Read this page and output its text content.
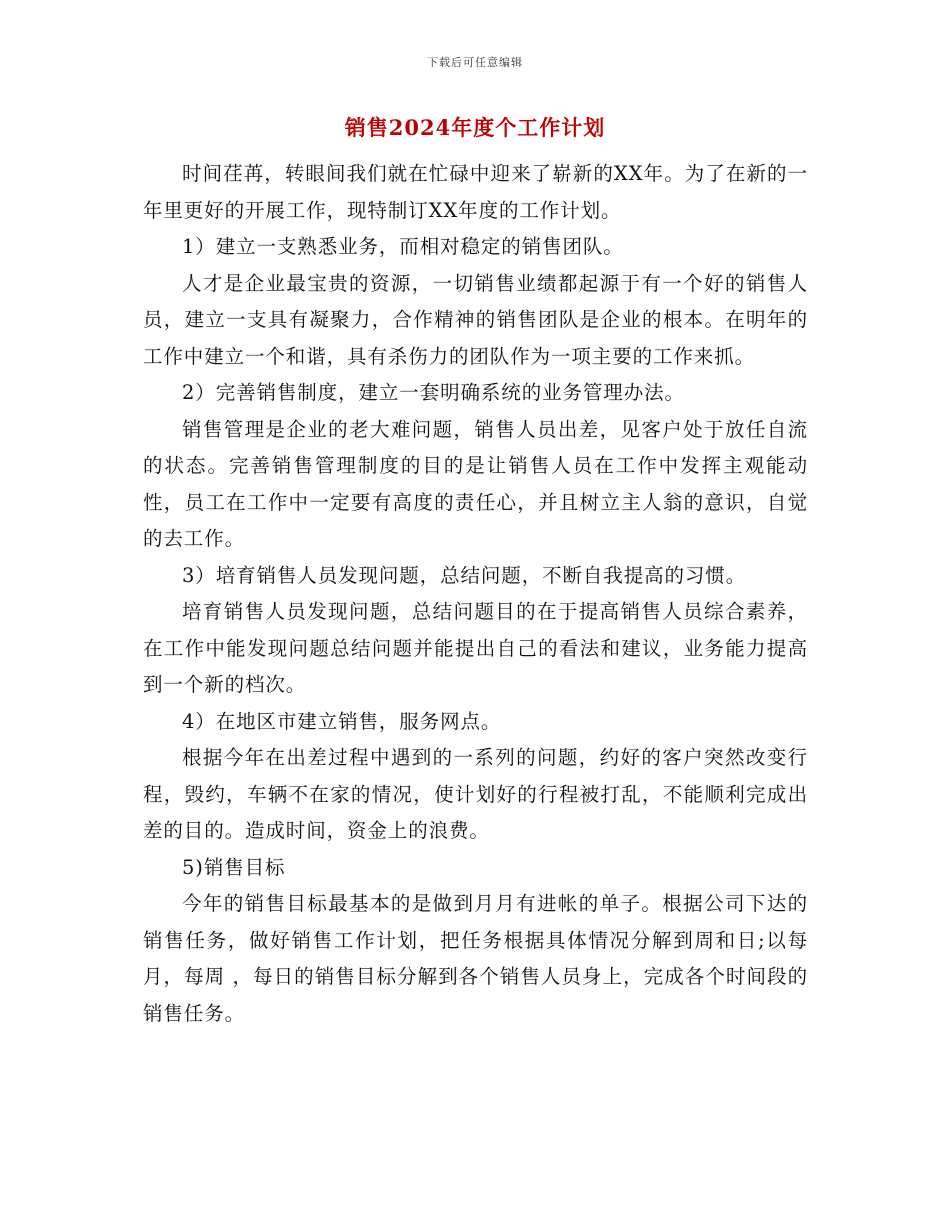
下载后可任意编辑
销售2024年度个工作计划

时间荏苒，转眼间我们就在忙碌中迎来了崭新的XX年。为了在新的一年里更好的开展工作，现特制订XX年度的工作计划。

1）建立一支熟悉业务，而相对稳定的销售团队。

人才是企业最宝贵的资源，一切销售业绩都起源于有一个好的销售人员，建立一支具有凝聚力，合作精神的销售团队是企业的根本。在明年的工作中建立一个和谐，具有杀伤力的团队作为一项主要的工作来抓。

2）完善销售制度，建立一套明确系统的业务管理办法。

销售管理是企业的老大难问题，销售人员出差，见客户处于放任自流的状态。完善销售管理制度的目的是让销售人员在工作中发挥主观能动性，员工在工作中一定要有高度的责任心，并且树立主人翁的意识，自觉的去工作。

3）培育销售人员发现问题，总结问题，不断自我提高的习惯。

培育销售人员发现问题，总结问题目的在于提高销售人员综合素养，在工作中能发现问题总结问题并能提出自己的看法和建议，业务能力提高到一个新的档次。

4）在地区市建立销售，服务网点。

根据今年在出差过程中遇到的一系列的问题，约好的客户突然改变行程，毁约，车辆不在家的情况，使计划好的行程被打乱，不能顺利完成出差的目的。造成时间，资金上的浪费。

5)销售目标

今年的销售目标最基本的是做到月月有进帐的单子。根据公司下达的销售任务，做好销售工作计划，把任务根据具体情况分解到周和日;以每月，每周 ，每日的销售目标分解到各个销售人员身上，完成各个时间段的销售任务。
